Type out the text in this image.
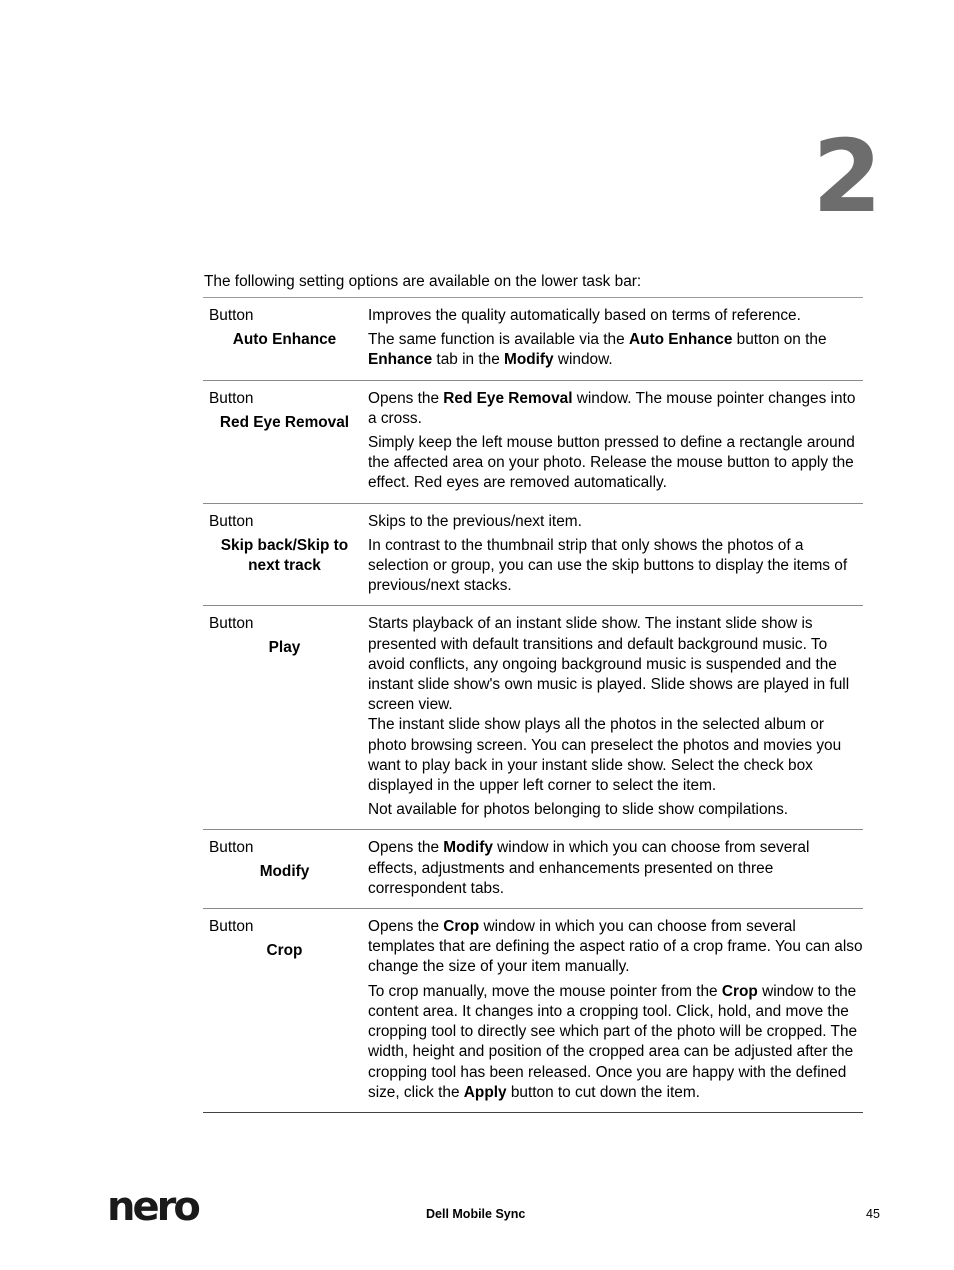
2
The following setting options are available on the lower task bar:
Button
Auto Enhance

Improves the quality automatically based on terms of reference.

The same function is available via the Auto Enhance button on the Enhance tab in the Modify window.

Button
Red Eye Removal

Opens the Red Eye Removal window. The mouse pointer changes into a cross.

Simply keep the left mouse button pressed to define a rectangle around the affected area on your photo. Release the mouse button to apply the effect. Red eyes are removed automatically.

Button
Skip back/Skip to next track

Skips to the previous/next item.

In contrast to the thumbnail strip that only shows the photos of a selection or group, you can use the skip buttons to display the items of previous/next stacks.

Button
Play

Starts playback of an instant slide show. The instant slide show is presented with default transitions and default background music. To avoid conflicts, any ongoing background music is suspended and the instant slide show's own music is played. Slide shows are played in full screen view.
The instant slide show plays all the photos in the selected album or photo browsing screen. You can preselect the photos and movies you want to play back in your instant slide show. Select the check box displayed in the upper left corner to select the item.

Not available for photos belonging to slide show compilations.

Button
Modify

Opens the Modify window in which you can choose from several effects, adjustments and enhancements presented on three correspondent tabs.

Button
Crop

Opens the Crop window in which you can choose from several templates that are defining the aspect ratio of a crop frame. You can also change the size of your item manually.

To crop manually, move the mouse pointer from the Crop window to the content area. It changes into a cropping tool. Click, hold, and move the cropping tool to directly see which part of the photo will be cropped. The width, height and position of the cropped area can be adjusted after the cropping tool has been released. Once you are happy with the defined size, click the Apply button to cut down the item.

nero	Dell Mobile Sync	45
